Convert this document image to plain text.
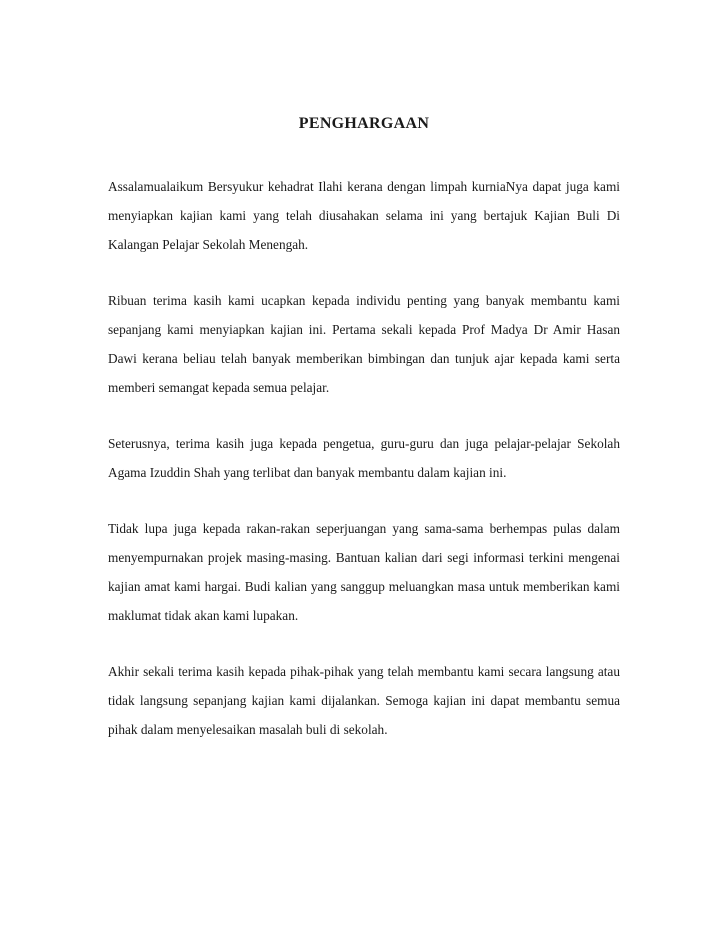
PENGHARGAAN

Assalamualaikum Bersyukur kehadrat Ilahi kerana dengan limpah kurniaNya dapat juga kami menyiapkan kajian kami yang telah diusahakan selama ini yang bertajuk Kajian Buli Di Kalangan Pelajar Sekolah Menengah.

Ribuan terima kasih kami ucapkan kepada individu penting yang banyak membantu kami sepanjang kami menyiapkan kajian ini. Pertama sekali kepada Prof Madya Dr Amir Hasan Dawi kerana beliau telah banyak memberikan bimbingan dan tunjuk ajar kepada kami serta memberi semangat kepada semua pelajar.

Seterusnya, terima kasih juga kepada pengetua, guru-guru dan juga pelajar-pelajar Sekolah Agama Izuddin Shah yang terlibat dan banyak membantu dalam kajian ini.

Tidak lupa juga kepada rakan-rakan seperjuangan yang sama-sama berhempas pulas dalam menyempurnakan projek masing-masing. Bantuan kalian dari segi informasi terkini mengenai kajian amat kami hargai. Budi kalian yang sanggup meluangkan masa untuk memberikan kami maklumat tidak akan kami lupakan.

Akhir sekali terima kasih kepada pihak-pihak yang telah membantu kami secara langsung atau tidak langsung sepanjang kajian kami dijalankan. Semoga kajian ini dapat membantu semua pihak dalam menyelesaikan masalah buli di sekolah.
